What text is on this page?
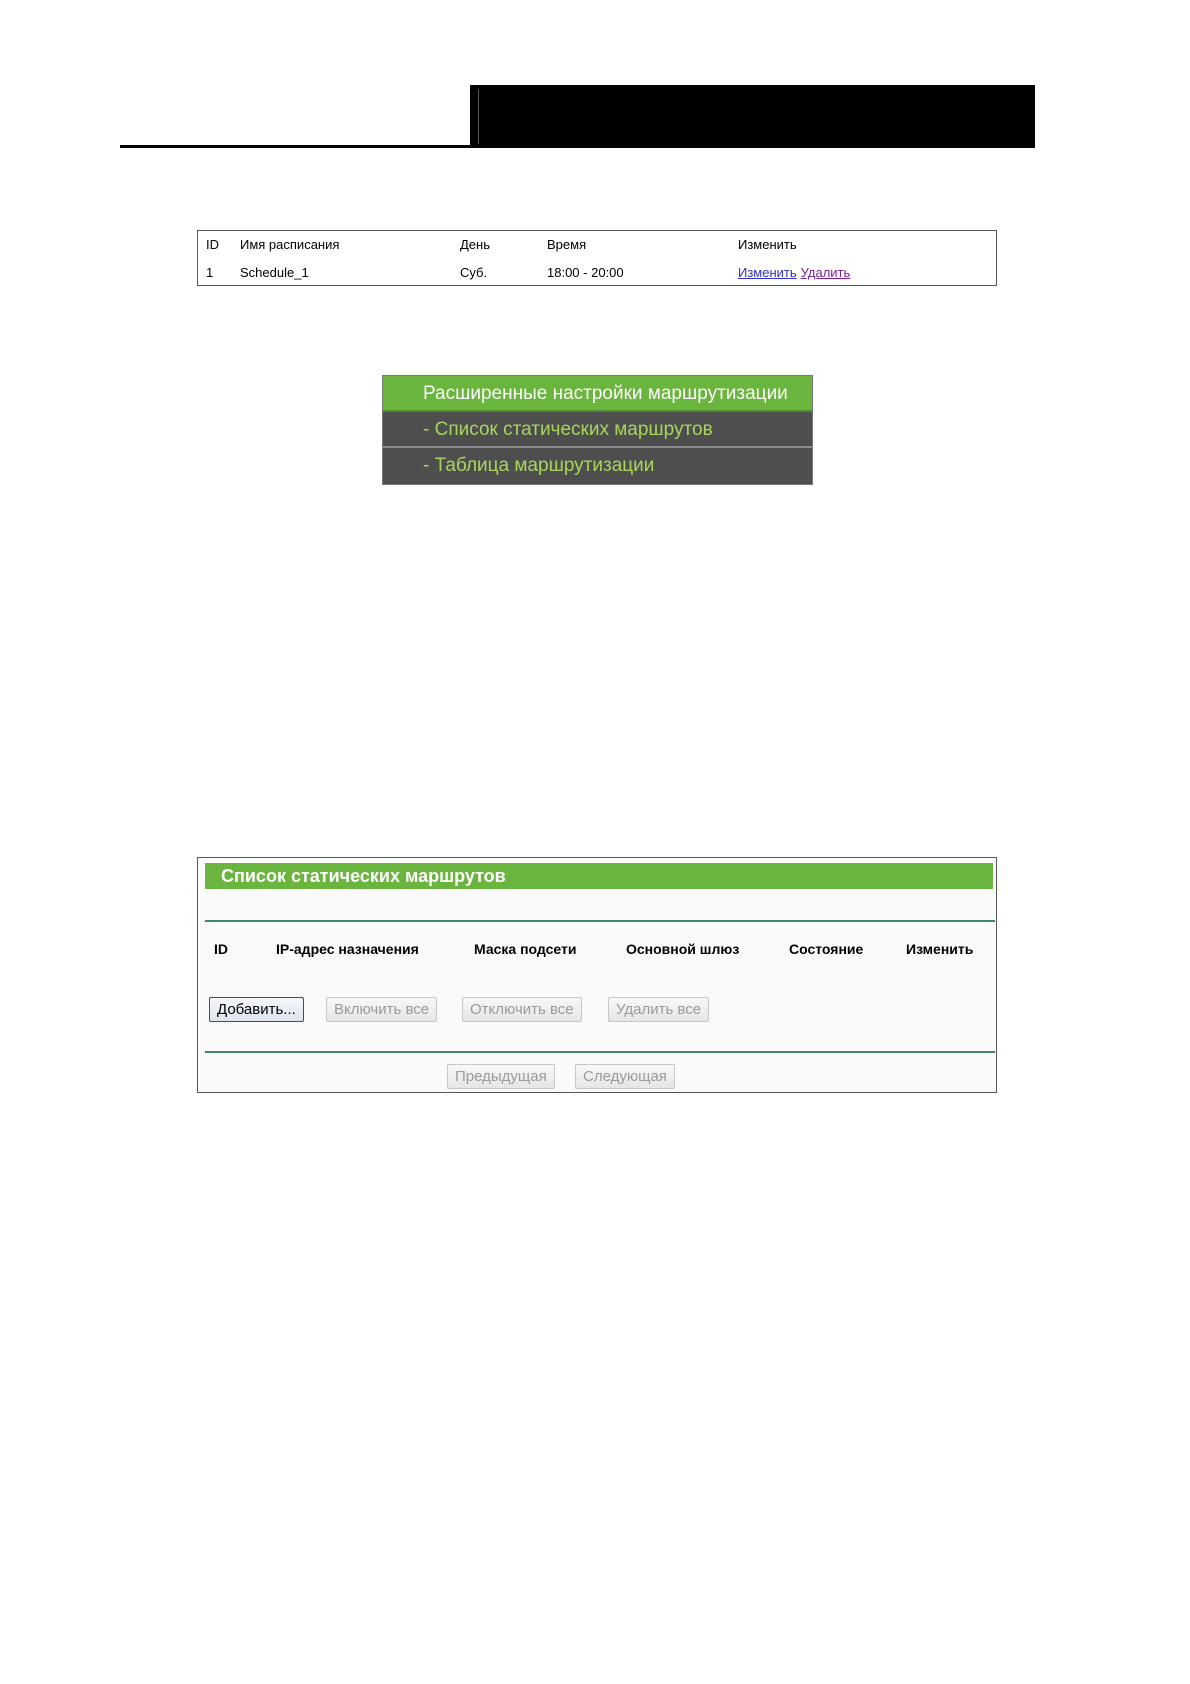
ID Имя расписания	День	Время	Изменить
1 Schedule_1	Суб.	18:00 - 20:00	Изменить Удалить
Расширенные настройки маршрутизации
- Список статических маршрутов
- Таблица маршрутизации
Список статических маршрутов
ID	IP-адрес назначения	Маска подсети	Основной шлюз	Состояние	Изменить
Добавить...	Включить все	Отключить все	Удалить все
Предыдущая	Следующая
